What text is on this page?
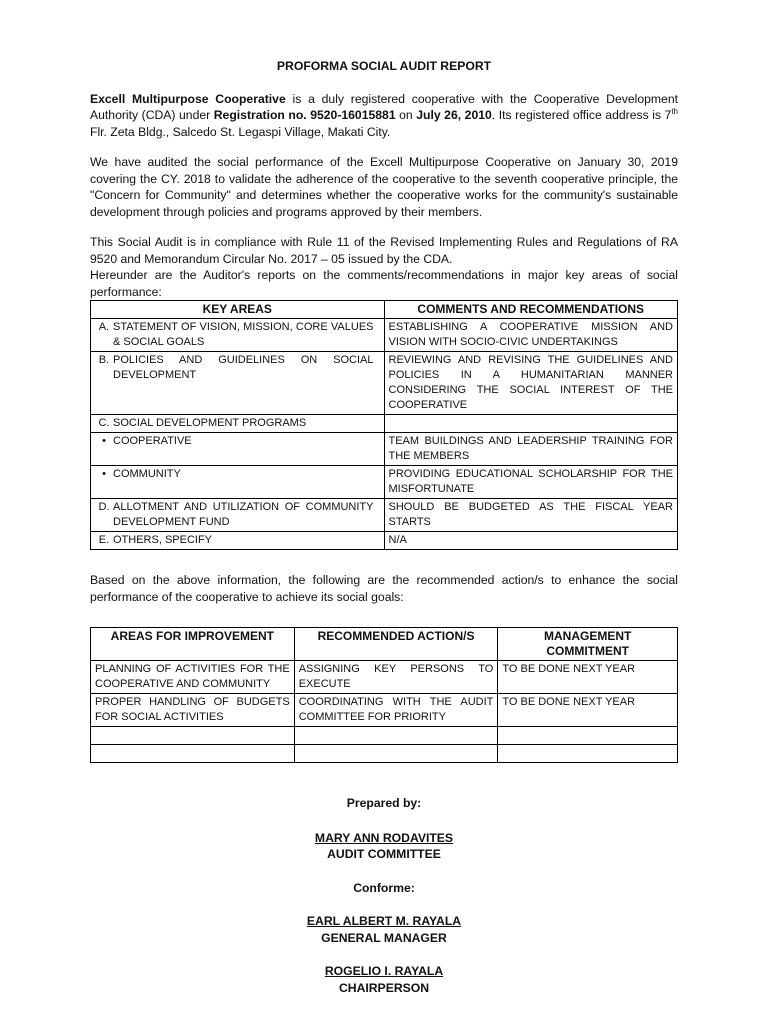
PROFORMA SOCIAL AUDIT REPORT

Excell Multipurpose Cooperative is a duly registered cooperative with the Cooperative Development Authority (CDA) under Registration no. 9520-16015881 on July 26, 2010. Its registered office address is 7th Flr. Zeta Bldg., Salcedo St. Legaspi Village, Makati City.

We have audited the social performance of the Excell Multipurpose Cooperative on January 30, 2019 covering the CY. 2018 to validate the adherence of the cooperative to the seventh cooperative principle, the "Concern for Community" and determines whether the cooperative works for the community's sustainable development through policies and programs approved by their members.

This Social Audit is in compliance with Rule 11 of the Revised Implementing Rules and Regulations of RA 9520 and Memorandum Circular No. 2017 – 05 issued by the CDA.

Hereunder are the Auditor's reports on the comments/recommendations in major key areas of social performance:

KEY AREAS	COMMENTS AND RECOMMENDATIONS
A. STATEMENT OF VISION, MISSION, CORE VALUES & SOCIAL GOALS	ESTABLISHING A COOPERATIVE MISSION AND VISION WITH SOCIO-CIVIC UNDERTAKINGS
B. POLICIES AND GUIDELINES ON SOCIAL DEVELOPMENT	REVIEWING AND REVISING THE GUIDELINES AND POLICIES IN A HUMANITARIAN MANNER CONSIDERING THE SOCIAL INTEREST OF THE COOPERATIVE
C. SOCIAL DEVELOPMENT PROGRAMS	
• COOPERATIVE	TEAM BUILDINGS AND LEADERSHIP TRAINING FOR THE MEMBERS
• COMMUNITY	PROVIDING EDUCATIONAL SCHOLARSHIP FOR THE MISFORTUNATE
D. ALLOTMENT AND UTILIZATION OF COMMUNITY DEVELOPMENT FUND	SHOULD BE BUDGETED AS THE FISCAL YEAR STARTS
E. OTHERS, SPECIFY	N/A

Based on the above information, the following are the recommended action/s to enhance the social performance of the cooperative to achieve its social goals:

AREAS FOR IMPROVEMENT	RECOMMENDED ACTION/S	MANAGEMENT COMMITMENT
PLANNING OF ACTIVITIES FOR THE COOPERATIVE AND COMMUNITY	ASSIGNING KEY PERSONS TO EXECUTE	TO BE DONE NEXT YEAR
PROPER HANDLING OF BUDGETS FOR SOCIAL ACTIVITIES	COORDINATING WITH THE AUDIT COMMITTEE FOR PRIORITY	TO BE DONE NEXT YEAR

Prepared by:
MARY ANN RODAVITES
AUDIT COMMITTEE
Conforme:
EARL ALBERT M. RAYALA
GENERAL MANAGER
ROGELIO I. RAYALA
CHAIRPERSON
